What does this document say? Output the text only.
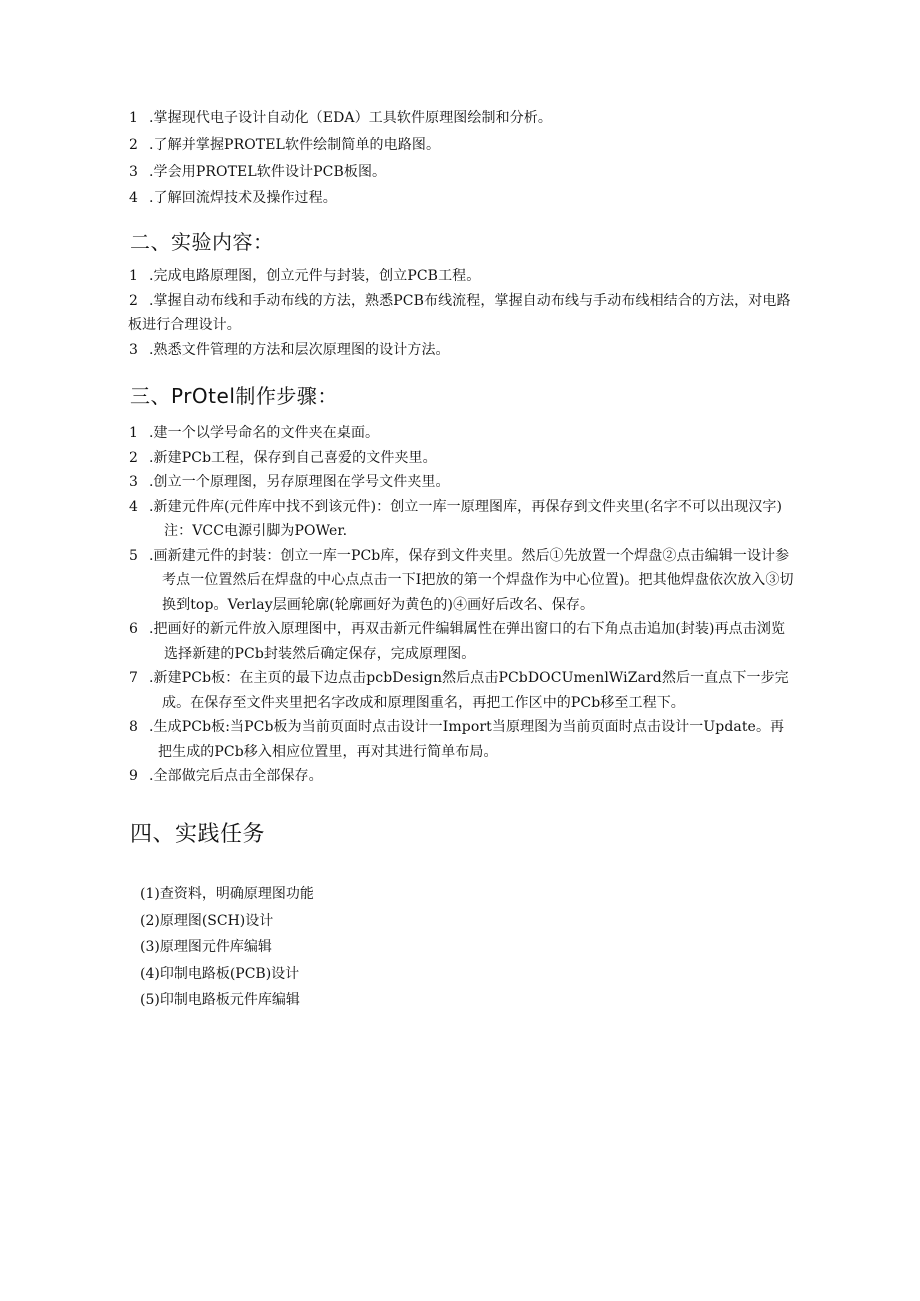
1 .掌握现代电子设计自动化（EDA）工具软件原理图绘制和分析。
2 .了解并掌握PROTEL软件绘制简单的电路图。
3 .学会用PROTEL软件设计PCB板图。
4 .了解回流焊技术及操作过程。
二、实验内容：
1 .完成电路原理图，创立元件与封装，创立PCB工程。
2 .掌握自动布线和手动布线的方法，熟悉PCB布线流程，掌握自动布线与手动布线相结合的方法，对电路板进行合理设计。
3 .熟悉文件管理的方法和层次原理图的设计方法。
三、PrOtel制作步骤：
1 .建一个以学号命名的文件夹在桌面。
2 .新建PCb工程，保存到自己喜爱的文件夹里。
3 .创立一个原理图，另存原理图在学号文件夹里。
4 .新建元件库(元件库中找不到该元件)：创立一库一原理图库，再保存到文件夹里(名字不可以出现汉字)注：VCC电源引脚为POWer.
5 .画新建元件的封装：创立一库一PCb库，保存到文件夹里。然后①先放置一个焊盘②点击编辑一设计参考点一位置然后在焊盘的中心点点击一下I把放的第一个焊盘作为中心位置)。把其他焊盘依次放入③切换到top。Verlay层画轮廓(轮廓画好为黄色的)④画好后改名、保存。
6 .把画好的新元件放入原理图中，再双击新元件编辑属性在弹出窗口的右下角点击追加(封装)再点击浏览选择新建的PCb封装然后确定保存，完成原理图。
7 .新建PCb板：在主页的最下边点击pcbDesign然后点击PCbDOCUmenlWiZard然后一直点下一步完成。在保存至文件夹里把名字改成和原理图重名，再把工作区中的PCb移至工程下。
8 .生成PCb板:当PCb板为当前页面时点击设计一Import当原理图为当前页面时点击设计一Update。再把生成的PCb移入相应位置里，再对其进行简单布局。
9 .全部做完后点击全部保存。
四、实践任务
(1)查资料，明确原理图功能
(2)原理图(SCH)设计
(3)原理图元件库编辑
(4)印制电路板(PCB)设计
(5)印制电路板元件库编辑
